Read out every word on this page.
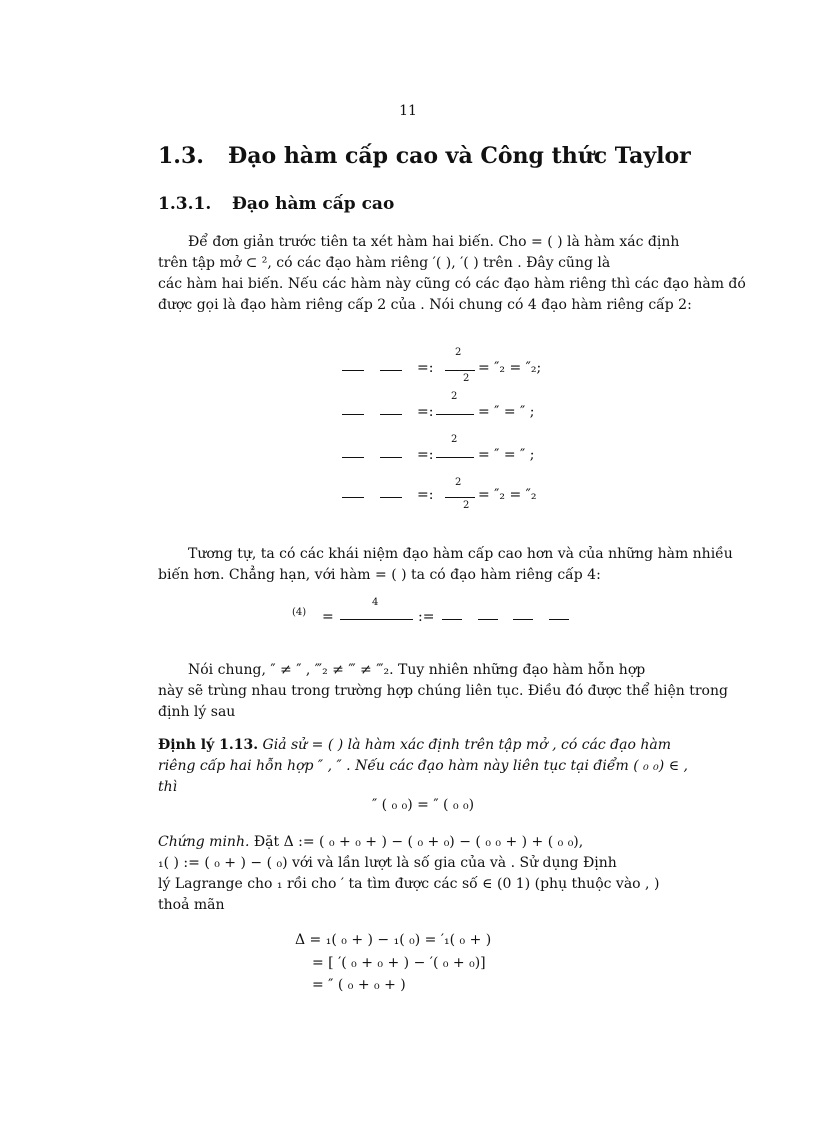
11
1.3. Đạo hàm cấp cao và Công thức Taylor
1.3.1. Đạo hàm cấp cao
Để đơn giản trước tiên ta xét hàm hai biến. Cho = ( ) là hàm xác định
trên tập mở ⊂ ², có các đạo hàm riêng ′( ), ′( ) trên . Đây cũng là
các hàm hai biến. Nếu các hàm này cũng có các đạo hàm riêng thì các đạo hàm đó
được gọi là đạo hàm riêng cấp 2 của . Nói chung có 4 đạo hàm riêng cấp 2:
=:
2
2
= ″₂ = ″₂;
=:
2
= ″ = ″ ;
=:
2
= ″ = ″ ;
=:
2
2
= ″₂ = ″₂
Tương tự, ta có các khái niệm đạo hàm cấp cao hơn và của những hàm nhiều
biến hơn. Chẳng hạn, với hàm = ( ) ta có đạo hàm riêng cấp 4:
(4) =
4
:=
Nói chung, ″ ≠ ″ , ‴₂ ≠ ‴ ≠ ‴₂. Tuy nhiên những đạo hàm hỗn hợp
này sẽ trùng nhau trong trường hợp chúng liên tục. Điều đó được thể hiện trong
định lý sau
Định lý 1.13. Giả sử = ( ) là hàm xác định trên tập mở , có các đạo hàm
riêng cấp hai hỗn hợp ″ , ″ . Nếu các đạo hàm này liên tục tại điểm ( ₀ ₀) ∈ ,
thì
″ ( ₀ ₀) = ″ ( ₀ ₀)
Chứng minh. Đặt Δ := ( ₀ + ₀ + ) − ( ₀ + ₀) − ( ₀ ₀ + ) + ( ₀ ₀),
₁( ) := ( ₀ + ) − ( ₀) với và lần lượt là số gia của và . Sử dụng Định
lý Lagrange cho ₁ rồi cho ′ ta tìm được các số ∈ (0 1) (phụ thuộc vào , )
thoả mãn
Δ = ₁( ₀ + ) − ₁( ₀) = ′₁( ₀ + )
= [ ′( ₀ + ₀ + ) − ′( ₀ + ₀)]
= ″ ( ₀ + ₀ + )
